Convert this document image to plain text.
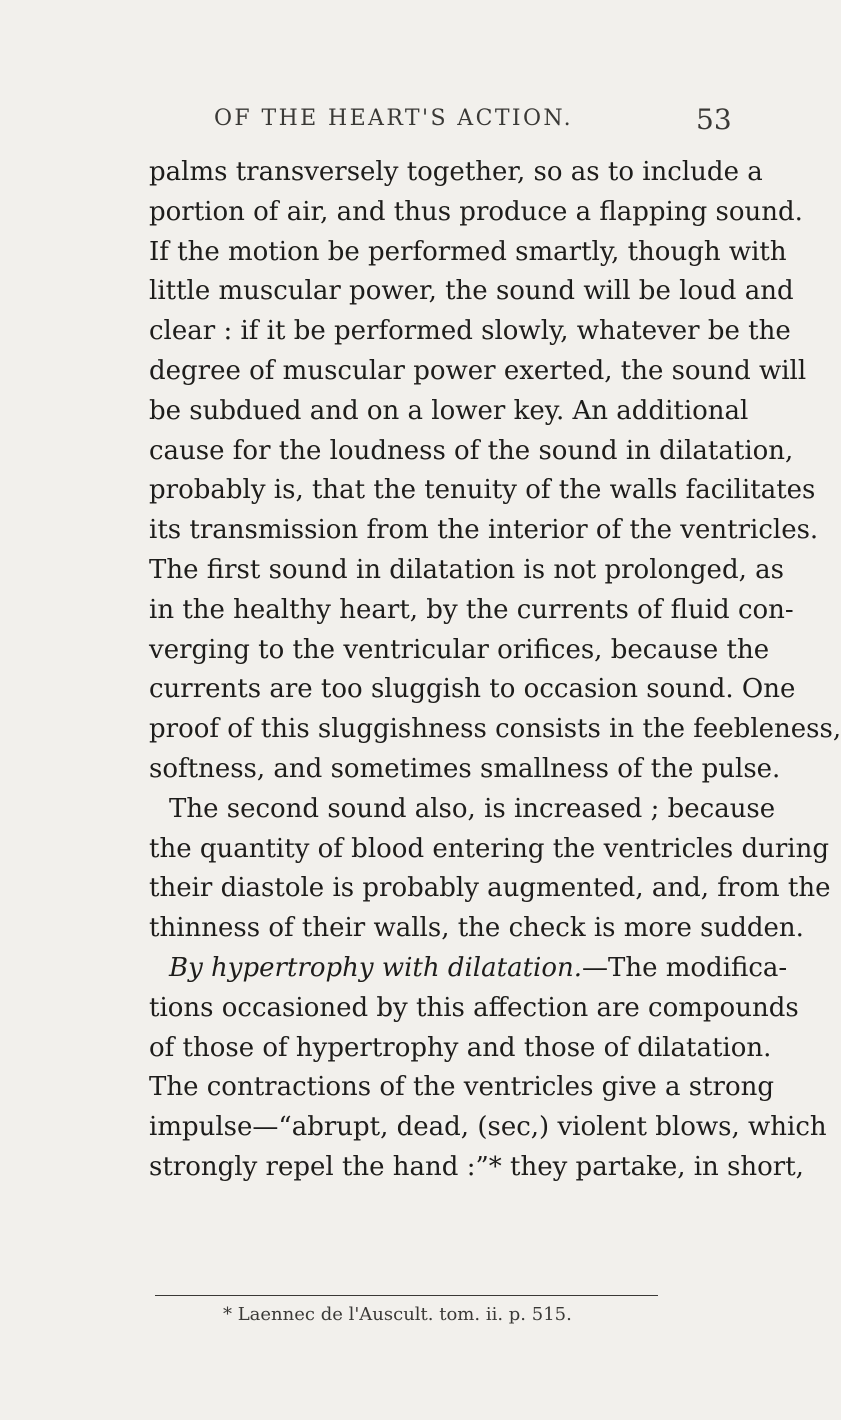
OF THE HEART'S ACTION.	53
palms transversely together, so as to include a
portion of air, and thus produce a flapping sound.
If the motion be performed smartly, though with
little muscular power, the sound will be loud and
clear : if it be performed slowly, whatever be the
degree of muscular power exerted, the sound will
be subdued and on a lower key. An additional
cause for the loudness of the sound in dilatation,
probably is, that the tenuity of the walls facilitates
its transmission from the interior of the ventricles.
The first sound in dilatation is not prolonged, as
in the healthy heart, by the currents of fluid con-
verging to the ventricular orifices, because the
currents are too sluggish to occasion sound. One
proof of this sluggishness consists in the feebleness,
softness, and sometimes smallness of the pulse.
The second sound also, is increased ; because
the quantity of blood entering the ventricles during
their diastole is probably augmented, and, from the
thinness of their walls, the check is more sudden.
By hypertrophy with dilatation.—The modifica-
tions occasioned by this affection are compounds
of those of hypertrophy and those of dilatation.
The contractions of the ventricles give a strong
impulse—“abrupt, dead, (sec,) violent blows, which
strongly repel the hand :”* they partake, in short,
* Laennec de l'Auscult. tom. ii. p. 515.
